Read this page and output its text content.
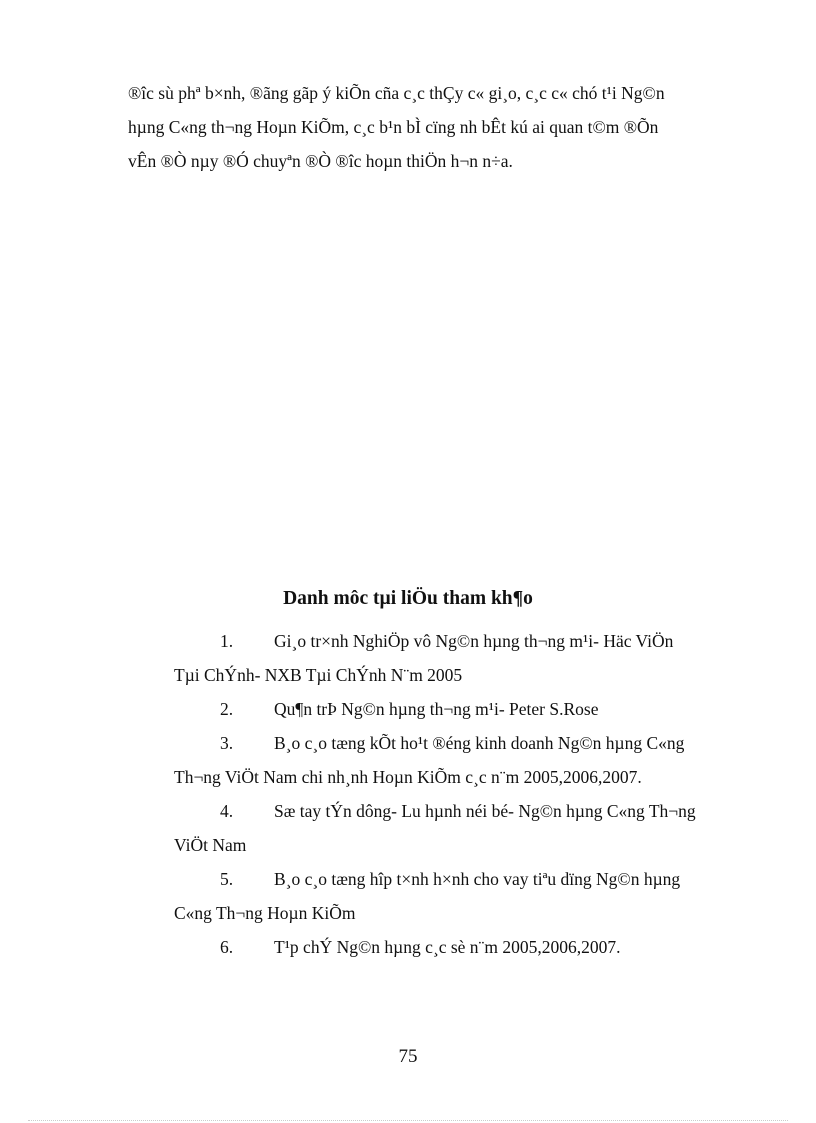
®îc sù phª b×nh, ®ãng gãp ý kiÕn cña c¸c thÇy c« gi¸o, c¸c c« chó t¹i Ng©n
hµng C«ng th¬ng Hoµn KiÕm, c¸c b¹n bÌ cïng nh bÊt kú ai quan t©m ®Õn
vÊn ®Ò nµy ®Ó chuyªn ®Ò ®îc hoµn thiÖn h¬n n÷a.
Danh môc tµi liÖu tham kh¶o
1.	Gi¸o tr×nh NghiÖp vô Ng©n hµng th¬ng m¹i- Häc ViÖn
Tµi ChÝnh- NXB Tµi ChÝnh N¨m 2005
2.	Qu¶n trÞ Ng©n hµng th¬ng m¹i- Peter S.Rose
3.	B¸o c¸o tæng kÕt ho¹t ®éng kinh doanh Ng©n hµng C«ng
Th¬ng ViÖt Nam chi nh¸nh Hoµn KiÕm c¸c n¨m 2005,2006,2007.
4.	Sæ tay tÝn dông- Lu hµnh néi bé- Ng©n hµng C«ng Th¬ng
ViÖt Nam
5.	B¸o c¸o tæng hîp t×nh h×nh cho vay tiªu dïng Ng©n hµng
C«ng Th¬ng Hoµn KiÕm
6.	T¹p chÝ Ng©n hµng c¸c sè n¨m 2005,2006,2007.
75
